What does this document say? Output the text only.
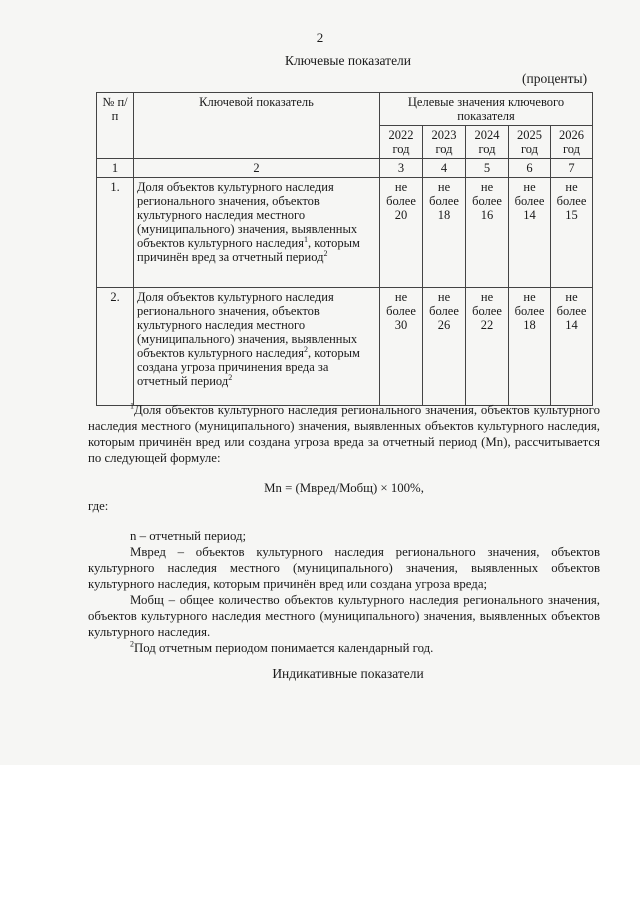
2
Ключевые показатели
(проценты)
№ п/п	Ключевой показатель	Целевые значения ключевого показателя				
		2022 год	2023 год	2024 год	2025 год	2026 год
1	2	3	4	5	6	7
1.	Доля объектов культурного наследия регионального значения, объектов культурного наследия местного (муниципального) значения, выявленных объектов культурного наследия$^1$, которым причинён вред за отчетный период$^2$	не более 20	не более 18	не более 16	не более 14	не более 15
2.	Доля объектов культурного наследия регионального значения, объектов культурного наследия местного (муниципального) значения, выявленных объектов культурного наследия$^2$, которым создана угроза причинения вреда за отчетный период$^2$	не более 30	не более 26	не более 22	не более 18	не более 14

$^1$Доля объектов культурного наследия регионального значения, объектов культурного наследия местного (муниципального) значения, выявленных объектов культурного наследия, которым причинён вред или создана угроза вреда за отчетный период (Mn), рассчитывается по следующей формуле:

Mn = (Мвред/Мобщ) × 100%,

где:

n – отчетный период;

Мвред – объектов культурного наследия регионального значения, объектов культурного наследия местного (муниципального) значения, выявленных объектов культурного наследия, которым причинён вред или создана угроза вреда;

Мобщ – общее количество объектов культурного наследия регионального значения, объектов культурного наследия местного (муниципального) значения, выявленных объектов культурного наследия.

$^2$Под отчетным периодом понимается календарный год.

Индикативные показатели
